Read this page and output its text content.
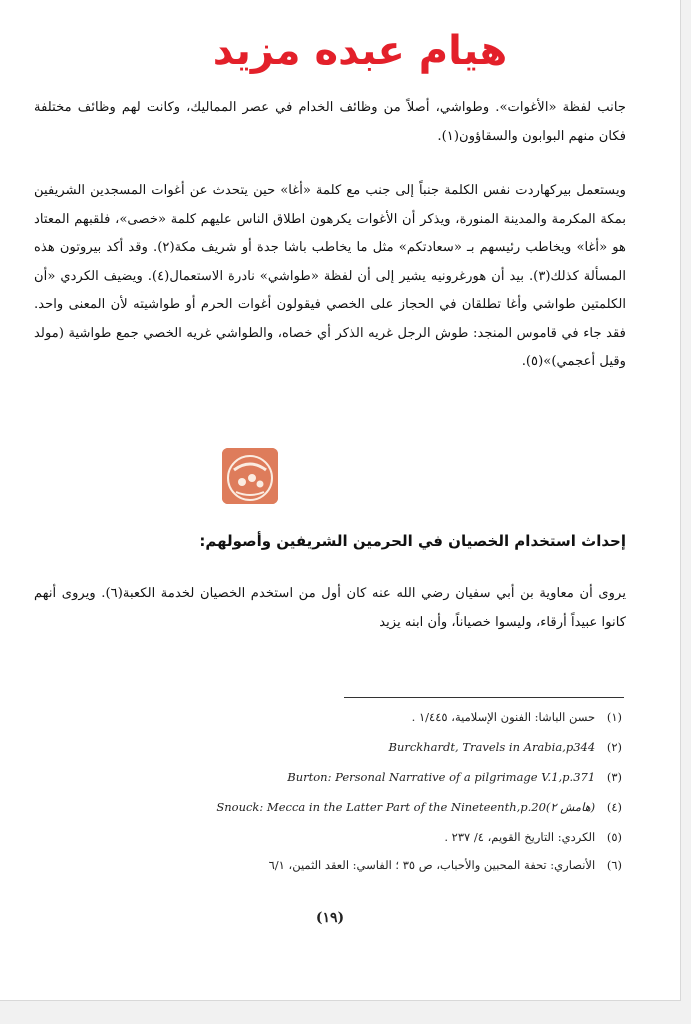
هيام عبده مزيد

جانب لفظة «الأغوات». وطواشي، أصلاً من وظائف الخدام في عصر المماليك، وكانت لهم وظائف مختلفة فكان منهم البوابون والسقاؤون(١).

ويستعمل بيركهاردت نفس الكلمة جنباً إلى جنب مع كلمة «أغا» حين يتحدث عن أغوات المسجدين الشريفين بمكة المكرمة والمدينة المنورة، ويذكر أن الأغوات يكرهون اطلاق الناس عليهم كلمة «خصى»، فلقبهم المعتاد هو «أغا» ويخاطب رئيسهم بـ «سعادتكم» مثل ما يخاطب باشا جدة أو شريف مكة(٢). وقد أكد بيروتون هذه المسألة كذلك(٣). بيد أن هورغرونيه يشير إلى أن لفظة «طواشي» نادرة الاستعمال(٤). ويضيف الكردي «أن الكلمتين طواشي وأغا تطلقان في الحجاز على الخصي فيقولون أغوات الحرم أو طواشيته لأن المعنى واحد. فقد جاء في قاموس المنجد: طوش الرجل غريه الذكر أي خصاه، والطواشي غريه الخصي جمع طواشية (مولد وقيل أعجمي)»(٥).

إحداث استخدام الخصيان في الحرمين الشريفين وأصولهم:

يروى أن معاوية بن أبي سفيان رضي الله عنه كان أول من استخدم الخصيان لخدمة الكعبة(٦). ويروى أنهم كانوا عبيداً أرقاء، وليسوا خصياناً، وأن ابنه يزيد

(١) حسن الباشا: الفنون الإسلامية، ١/٤٤٥ .
Burckhardt, Travels in Arabia,p344 (٢)
Burton: Personal Narrative of a pilgrimage V.1,p.371 (٣)
Snouck: Mecca in the Latter Part of the Nineteenth,p.20(هامش ٢) (٤)
(٥) الكردي: التاريخ القويم، ٤/ ٢٣٧ .
(٦) الأنصاري: تحفة المحبين والأحباب، ص ٣٥ ؛ الفاسي: العقد الثمين، ٦/١
(١٩)
